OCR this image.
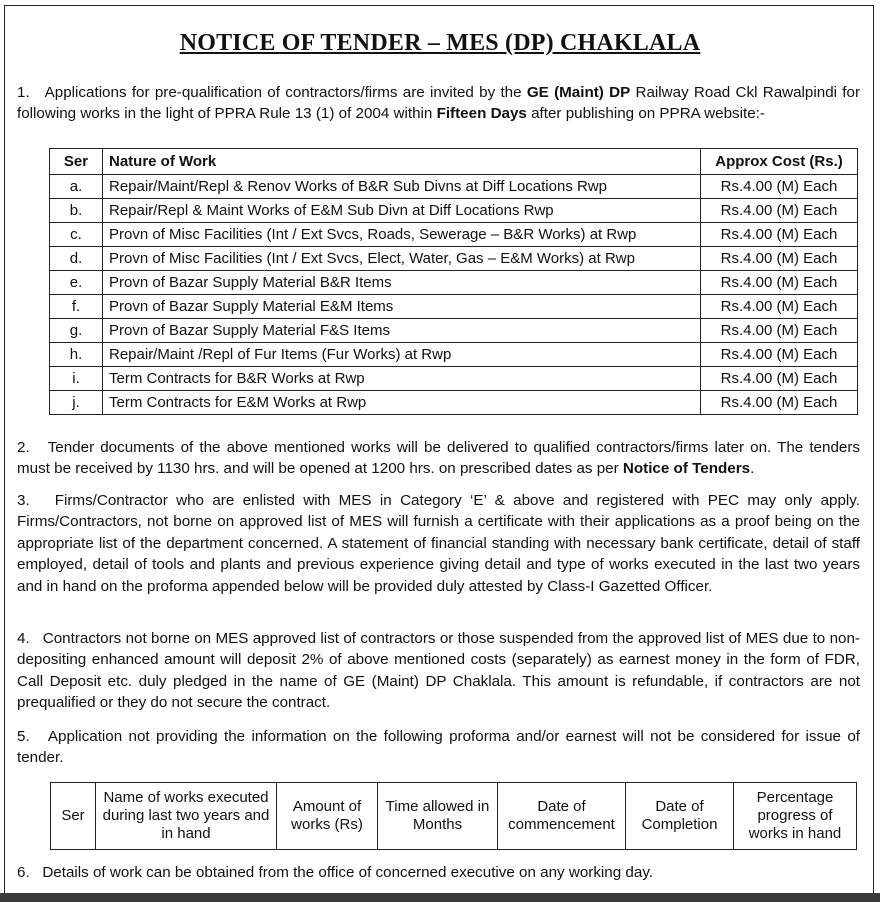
NOTICE OF TENDER – MES (DP) CHAKLALA

1. Applications for pre-qualification of contractors/firms are invited by the GE (Maint) DP Railway Road Ckl Rawalpindi for following works in the light of PPRA Rule 13 (1) of 2004 within Fifteen Days after publishing on PPRA website:-

Ser	Nature of Work	Approx Cost (Rs.)
a.	Repair/Maint/Repl & Renov Works of B&R Sub Divns at Diff Locations Rwp	Rs.4.00 (M) Each
b.	Repair/Repl & Maint Works of E&M Sub Divn at Diff Locations Rwp	Rs.4.00 (M) Each
c.	Provn of Misc Facilities (Int / Ext Svcs, Roads, Sewerage – B&R Works) at Rwp	Rs.4.00 (M) Each
d.	Provn of Misc Facilities (Int / Ext Svcs, Elect, Water, Gas – E&M Works) at Rwp	Rs.4.00 (M) Each
e.	Provn of Bazar Supply Material B&R Items	Rs.4.00 (M) Each
f.	Provn of Bazar Supply Material E&M Items	Rs.4.00 (M) Each
g.	Provn of Bazar Supply Material F&S Items	Rs.4.00 (M) Each
h.	Repair/Maint /Repl of Fur Items (Fur Works) at Rwp	Rs.4.00 (M) Each
i.	Term Contracts for B&R Works at Rwp	Rs.4.00 (M) Each
j.	Term Contracts for E&M Works at Rwp	Rs.4.00 (M) Each

2. Tender documents of the above mentioned works will be delivered to qualified contractors/firms later on. The tenders must be received by 1130 hrs. and will be opened at 1200 hrs. on prescribed dates as per Notice of Tenders.

3. Firms/Contractor who are enlisted with MES in Category ‘E’ & above and registered with PEC may only apply. Firms/Contractors, not borne on approved list of MES will furnish a certificate with their applications as a proof being on the appropriate list of the department concerned. A statement of financial standing with necessary bank certificate, detail of staff employed, detail of tools and plants and previous experience giving detail and type of works executed in the last two years and in hand on the proforma appended below will be provided duly attested by Class-I Gazetted Officer.

4. Contractors not borne on MES approved list of contractors or those suspended from the approved list of MES due to non-depositing enhanced amount will deposit 2% of above mentioned costs (separately) as earnest money in the form of FDR, Call Deposit etc. duly pledged in the name of GE (Maint) DP Chaklala. This amount is refundable, if contractors are not prequalified or they do not secure the contract.

5. Application not providing the information on the following proforma and/or earnest will not be considered for issue of tender.

Ser	Name of works executed during last two years and in hand	Amount of works (Rs)	Time allowed in Months	Date of commencement	Date of Completion	Percentage progress of works in hand

6. Details of work can be obtained from the office of concerned executive on any working day.
